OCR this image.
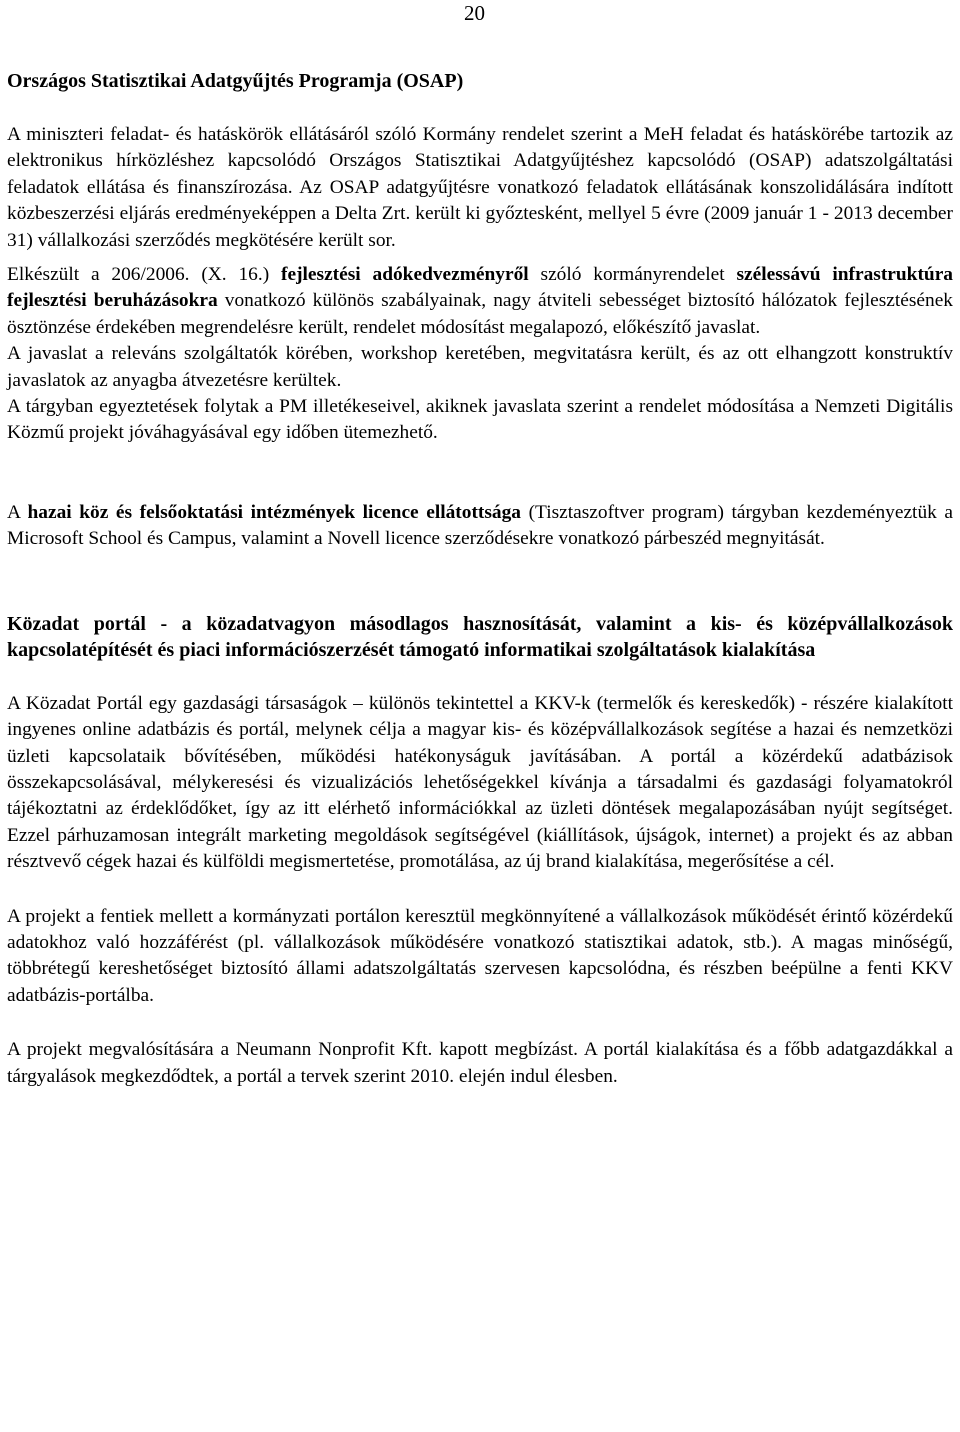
20

Országos Statisztikai Adatgyűjtés Programja (OSAP)

A miniszteri feladat- és hatáskörök ellátásáról szóló Kormány rendelet szerint a MeH feladat és hatáskörébe tartozik az elektronikus hírközléshez kapcsolódó Országos Statisztikai Adatgyűjtéshez kapcsolódó (OSAP) adatszolgáltatási feladatok ellátása és finanszírozása. Az OSAP adatgyűjtésre vonatkozó feladatok ellátásának konszolidálására indított közbeszerzési eljárás eredményeképpen a Delta Zrt. került ki győztesként, mellyel 5 évre (2009 január 1 - 2013 december 31) vállalkozási szerződés megkötésére került sor.

Elkészült a 206/2006. (X. 16.) fejlesztési adókedvezményről szóló kormányrendelet szélessávú infrastruktúra fejlesztési beruházásokra vonatkozó különös szabályainak, nagy átviteli sebességet biztosító hálózatok fejlesztésének ösztönzése érdekében megrendelésre került, rendelet módosítást megalapozó, előkészítő javaslat.

A javaslat a releváns szolgáltatók körében, workshop keretében, megvitatásra került, és az ott elhangzott konstruktív javaslatok az anyagba átvezetésre kerültek.

A tárgyban egyeztetések folytak a PM illetékeseivel, akiknek javaslata szerint a rendelet módosítása a Nemzeti Digitális Közmű projekt jóváhagyásával egy időben ütemezhető.

A hazai köz és felsőoktatási intézmények licence ellátottsága (Tisztaszoftver program) tárgyban kezdeményeztük a Microsoft School és Campus, valamint a Novell licence szerződésekre vonatkozó párbeszéd megnyitását.

Közadat portál - a közadatvagyon másodlagos hasznosítását, valamint a kis- és középvállalkozások kapcsolatépítését és piaci információszerzését támogató informatikai szolgáltatások kialakítása

A Közadat Portál egy gazdasági társaságok – különös tekintettel a KKV-k (termelők és kereskedők) - részére kialakított ingyenes online adatbázis és portál, melynek célja a magyar kis- és középvállalkozások segítése a hazai és nemzetközi üzleti kapcsolataik bővítésében, működési hatékonyságuk javításában. A portál a közérdekű adatbázisok összekapcsolásával, mélykeresési és vizualizációs lehetőségekkel kívánja a társadalmi és gazdasági folyamatokról tájékoztatni az érdeklődőket, így az itt elérhető információkkal az üzleti döntések megalapozásában nyújt segítséget. Ezzel párhuzamosan integrált marketing megoldások segítségével (kiállítások, újságok, internet) a projekt és az abban résztvevő cégek hazai és külföldi megismertetése, promotálása, az új brand kialakítása, megerősítése a cél.

A projekt a fentiek mellett a kormányzati portálon keresztül megkönnyítené a vállalkozások működését érintő közérdekű adatokhoz való hozzáférést (pl. vállalkozások működésére vonatkozó statisztikai adatok, stb.). A magas minőségű, többrétegű kereshetőséget biztosító állami adatszolgáltatás szervesen kapcsolódna, és részben beépülne a fenti KKV adatbázis-portálba.

A projekt megvalósítására a Neumann Nonprofit Kft. kapott megbízást. A portál kialakítása és a főbb adatgazdákkal a tárgyalások megkezdődtek, a portál a tervek szerint 2010. elején indul élesben.
